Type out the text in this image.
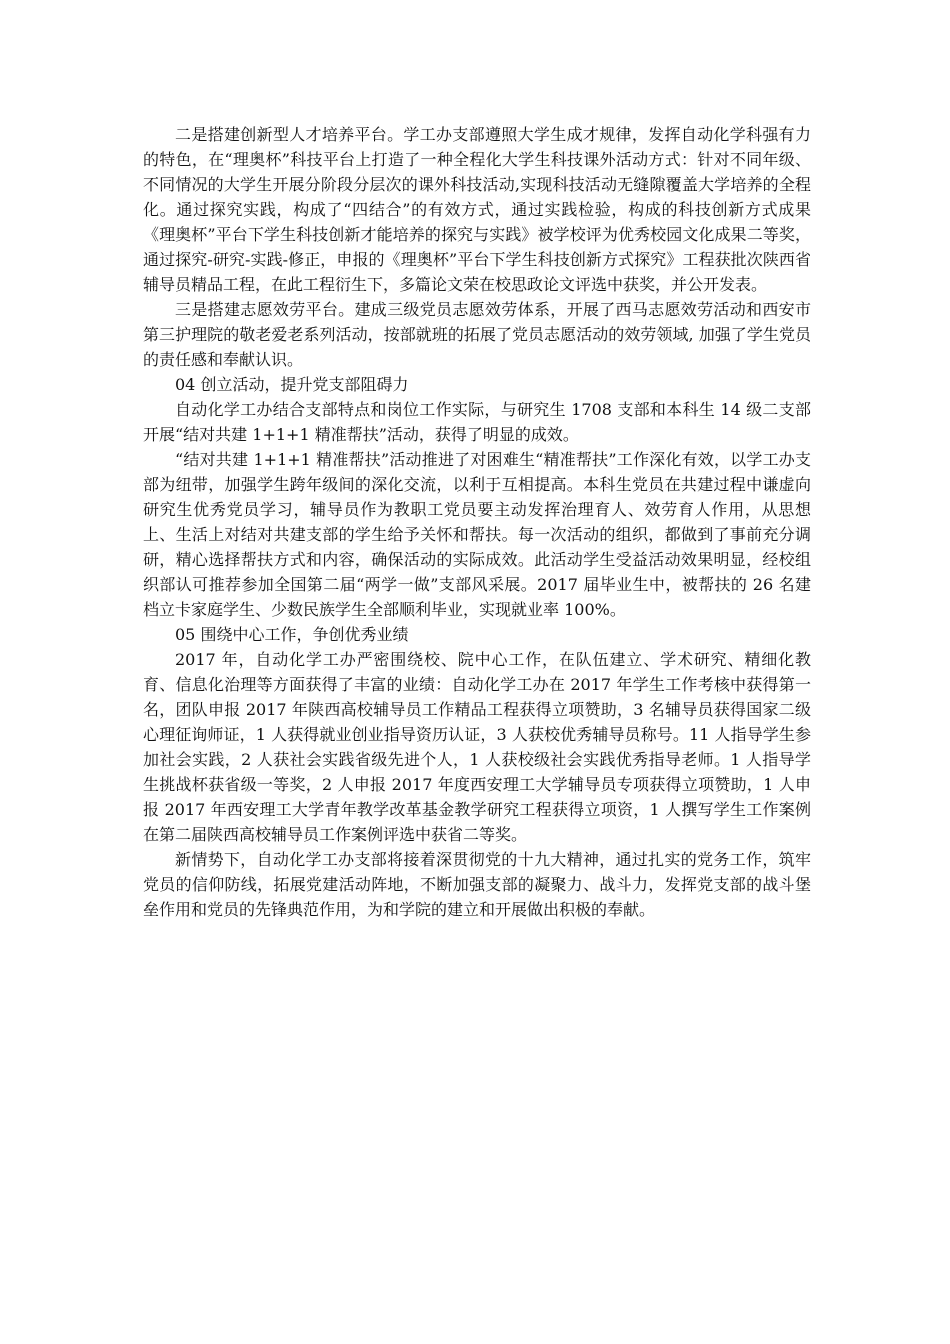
二是搭建创新型人才培养平台。学工办支部遵照大学生成才规律，发挥自动化学科强有力的特色，在“理奥杯”科技平台上打造了一种全程化大学生科技课外活动方式：针对不同年级、不同情况的大学生开展分阶段分层次的课外科技活动,实现科技活动无缝隙覆盖大学培养的全程化。通过探究实践，构成了“四结合”的有效方式，通过实践检验，构成的科技创新方式成果《理奥杯”平台下学生科技创新才能培养的探究与实践》被学校评为优秀校园文化成果二等奖，通过探究-研究-实践-修正，申报的《理奥杯”平台下学生科技创新方式探究》工程获批次陕西省辅导员精品工程，在此工程衍生下，多篇论文荣在校思政论文评选中获奖，并公开发表。

三是搭建志愿效劳平台。建成三级党员志愿效劳体系，开展了西马志愿效劳活动和西安市第三护理院的敬老爱老系列活动，按部就班的拓展了党员志愿活动的效劳领域, 加强了学生党员的责任感和奉献认识。

04 创立活动，提升党支部阻碍力

自动化学工办结合支部特点和岗位工作实际，与研究生 1708 支部和本科生 14 级二支部开展“结对共建 1+1+1 精准帮扶”活动，获得了明显的成效。

“结对共建 1+1+1 精准帮扶”活动推进了对困难生“精准帮扶”工作深化有效，以学工办支部为纽带，加强学生跨年级间的深化交流，以利于互相提高。本科生党员在共建过程中谦虚向研究生优秀党员学习，辅导员作为教职工党员要主动发挥治理育人、效劳育人作用，从思想上、生活上对结对共建支部的学生给予关怀和帮扶。每一次活动的组织，都做到了事前充分调研，精心选择帮扶方式和内容，确保活动的实际成效。此活动学生受益活动效果明显，经校组织部认可推荐参加全国第二届“两学一做”支部风采展。2017 届毕业生中，被帮扶的 26 名建档立卡家庭学生、少数民族学生全部顺利毕业，实现就业率 100%。

05 围绕中心工作，争创优秀业绩

2017 年，自动化学工办严密围绕校、院中心工作，在队伍建立、学术研究、精细化教育、信息化治理等方面获得了丰富的业绩：自动化学工办在 2017 年学生工作考核中获得第一名，团队申报 2017 年陕西高校辅导员工作精品工程获得立项赞助，3 名辅导员获得国家二级心理征询师证，1 人获得就业创业指导资历认证，3 人获校优秀辅导员称号。11 人指导学生参加社会实践，2 人获社会实践省级先进个人，1 人获校级社会实践优秀指导老师。1 人指导学生挑战杯获省级一等奖，2 人申报 2017 年度西安理工大学辅导员专项获得立项赞助，1 人申报 2017 年西安理工大学青年教学改革基金教学研究工程获得立项资，1 人撰写学生工作案例在第二届陕西高校辅导员工作案例评选中获省二等奖。

新情势下，自动化学工办支部将接着深贯彻党的十九大精神，通过扎实的党务工作，筑牢党员的信仰防线，拓展党建活动阵地，不断加强支部的凝聚力、战斗力，发挥党支部的战斗堡垒作用和党员的先锋典范作用，为和学院的建立和开展做出积极的奉献。
